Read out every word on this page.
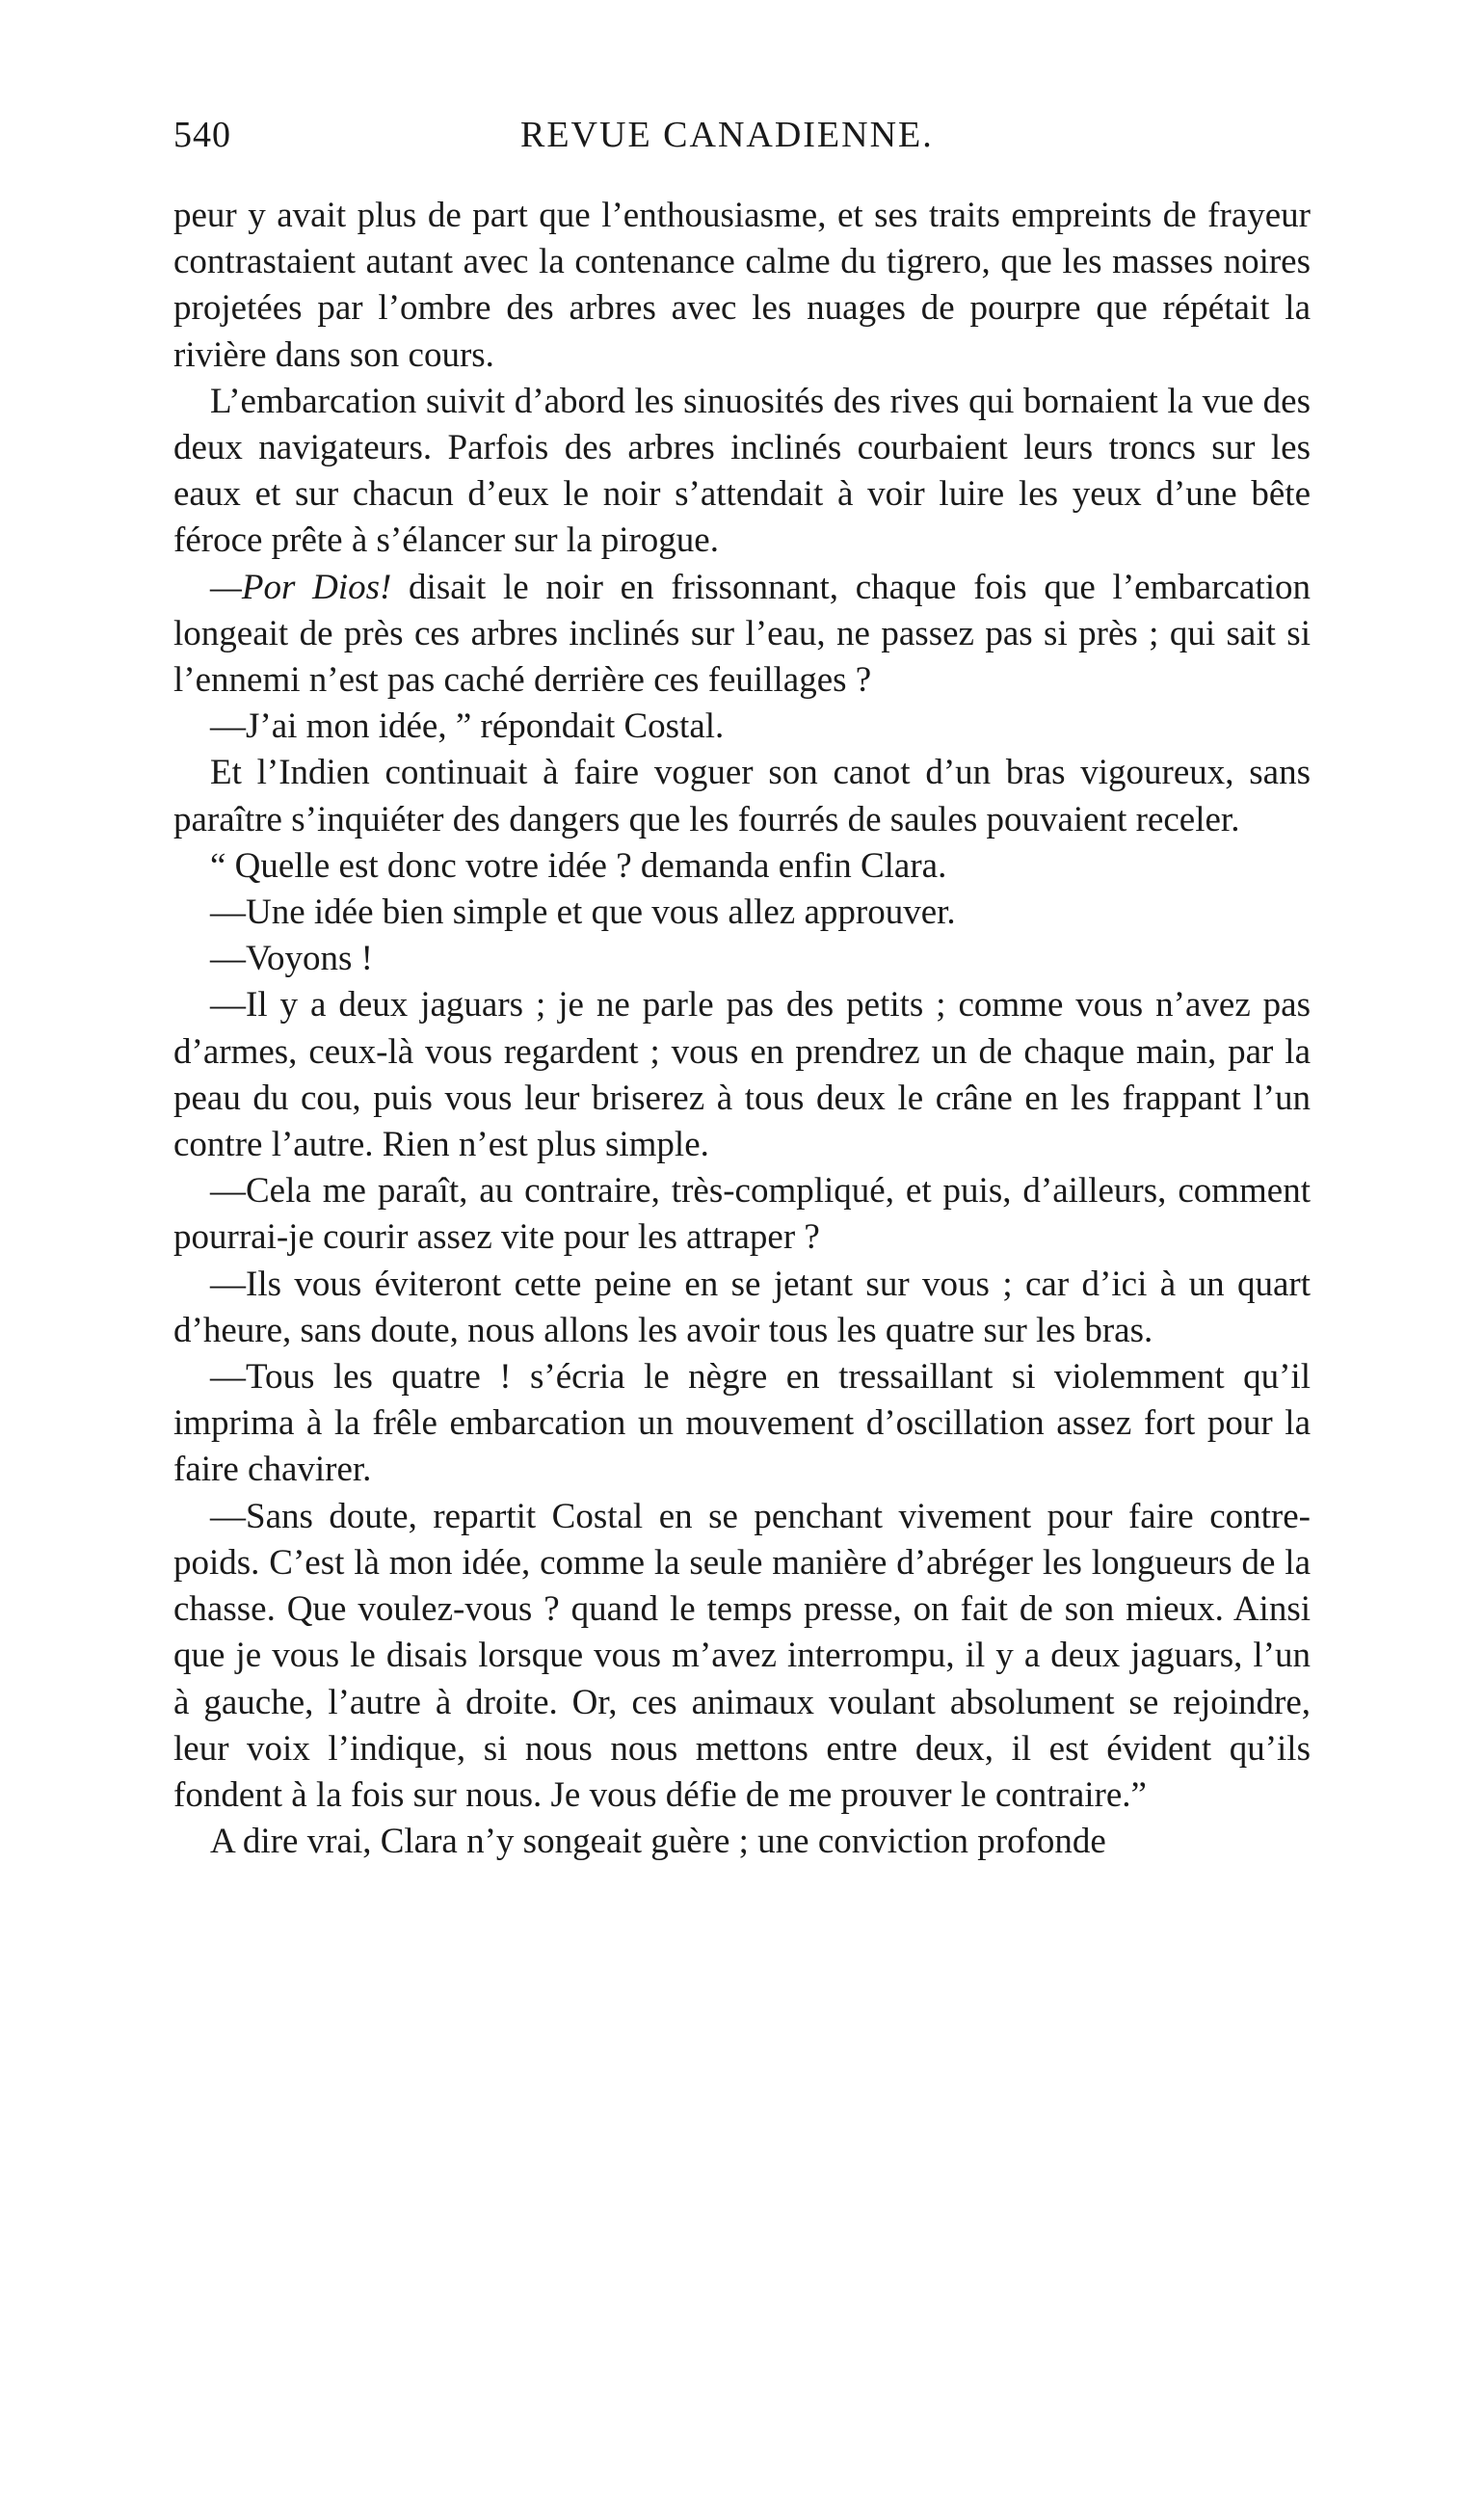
540	REVUE CANADIENNE.

peur y avait plus de part que l’enthousiasme, et ses traits empreints de frayeur contrastaient autant avec la contenance calme du tigrero, que les masses noires projetées par l’ombre des arbres avec les nuages de pourpre que répétait la rivière dans son cours.

L’embarcation suivit d’abord les sinuosités des rives qui bornaient la vue des deux navigateurs. Parfois des arbres inclinés courbaient leurs troncs sur les eaux et sur chacun d’eux le noir s’attendait à voir luire les yeux d’une bête féroce prête à s’élancer sur la pirogue.

—Por Dios! disait le noir en frissonnant, chaque fois que l’embarcation longeait de près ces arbres inclinés sur l’eau, ne passez pas si près ; qui sait si l’ennemi n’est pas caché derrière ces feuillages ?

—J’ai mon idée, ” répondait Costal.

Et l’Indien continuait à faire voguer son canot d’un bras vigoureux, sans paraître s’inquiéter des dangers que les fourrés de saules pouvaient receler.

“ Quelle est donc votre idée ? demanda enfin Clara.

—Une idée bien simple et que vous allez approuver.

—Voyons !

—Il y a deux jaguars ; je ne parle pas des petits ; comme vous n’avez pas d’armes, ceux-là vous regardent ; vous en prendrez un de chaque main, par la peau du cou, puis vous leur briserez à tous deux le crâne en les frappant l’un contre l’autre. Rien n’est plus simple.

—Cela me paraît, au contraire, très-compliqué, et puis, d’ailleurs, comment pourrai-je courir assez vite pour les attraper ?

—Ils vous éviteront cette peine en se jetant sur vous ; car d’ici à un quart d’heure, sans doute, nous allons les avoir tous les quatre sur les bras.

—Tous les quatre ! s’écria le nègre en tressaillant si violemment qu’il imprima à la frêle embarcation un mouvement d’oscillation assez fort pour la faire chavirer.

—Sans doute, repartit Costal en se penchant vivement pour faire contre-poids. C’est là mon idée, comme la seule manière d’abréger les longueurs de la chasse. Que voulez-vous ? quand le temps presse, on fait de son mieux. Ainsi que je vous le disais lorsque vous m’avez interrompu, il y a deux jaguars, l’un à gauche, l’autre à droite. Or, ces animaux voulant absolument se rejoindre, leur voix l’indique, si nous nous mettons entre deux, il est évident qu’ils fondent à la fois sur nous. Je vous défie de me prouver le contraire.”

A dire vrai, Clara n’y songeait guère ; une conviction profonde
